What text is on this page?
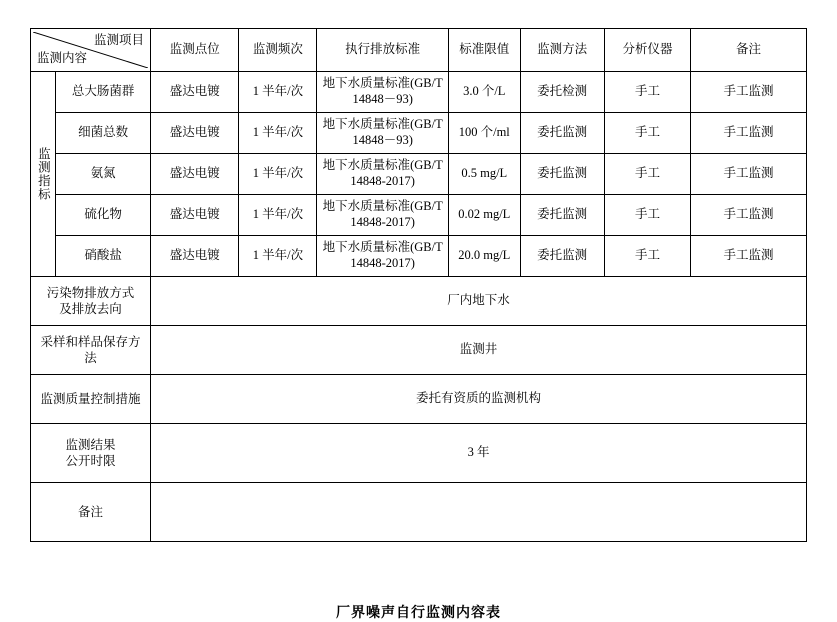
监测项目
监测内容		监测点位	监测频次	执行排放标准	标准限值	监测方法	分析仪器	备注

监测指标	总大肠菌群	盛达电镀	1 半年/次	地下水质量标准(GB/T 14848－93)	3.0 个/L	委托检测	手工	手工监测
	细菌总数	盛达电镀	1 半年/次	地下水质量标准(GB/T 14848－93)	100 个/ml	委托监测	手工	手工监测
	氨氮	盛达电镀	1 半年/次	地下水质量标准(GB/T 14848-2017)	0.5 mg/L	委托监测	手工	手工监测
	硫化物	盛达电镀	1 半年/次	地下水质量标准(GB/T 14848-2017)	0.02 mg/L	委托监测	手工	手工监测
	硝酸盐	盛达电镀	1 半年/次	地下水质量标准(GB/T 14848-2017)	20.0 mg/L	委托监测	手工	手工监测

污染物排放方式
及排放去向		厂内地下水						

采样和样品保存方
法		监测井						

监测质量控制措施		委托有资质的监测机构						

监测结果
公开时限		3 年						

备注								

厂界噪声自行监测内容表
